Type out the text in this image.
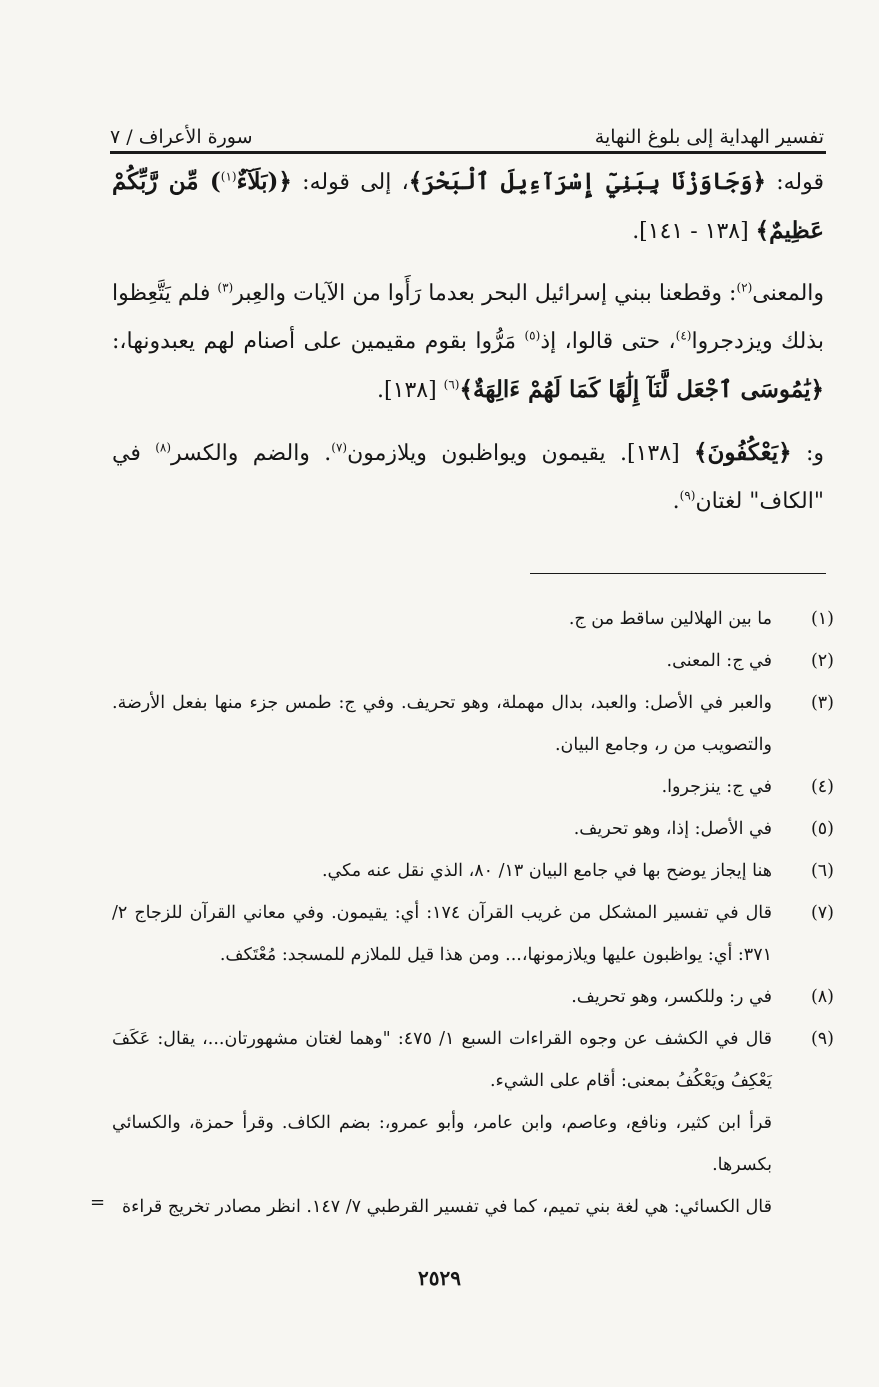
تفسير الهداية إلى بلوغ النهاية
سورة الأعراف / ٧

قوله: ﴿وَجَاوَزْنَا بِبَنِيٓ إِسْرَآءِيلَ ٱلْبَحْرَ﴾، إلى قوله: ﴿(بَلَآءٌ$^{(١)}$) مِّن رَّبِّكُمْ عَظِيمٌ﴾ [١٣٨ - ١٤١].

والمعنى$^{(٢)}$: وقطعنا ببني إسرائيل البحر بعدما رَأَوا من الآيات والعِبر$^{(٣)}$ فلم يَتَّعِظوا بذلك ويزدجروا$^{(٤)}$، حتى قالوا، إذ$^{(٥)}$ مَرُّوا بقوم مقيمين على أصنام لهم يعبدونها،: ﴿يَٰمُوسَى ٱجْعَل لَّنَآ إِلَٰهًا كَمَا لَهُمْ ءَالِهَةٌ﴾$^{(٦)}$ [١٣٨].

و: ﴿يَعْكُفُونَ﴾ [١٣٨]. يقيمون ويواظبون ويلازمون$^{(٧)}$. والضم والكسر$^{(٨)}$ في "الكاف" لغتان$^{(٩)}$.

(١)
ما بين الهلالين ساقط من ج.
(٢)
في ج: المعنى.
(٣)
والعبر في الأصل: والعبد، بدال مهملة، وهو تحريف. وفي ج: طمس جزء منها بفعل الأرضة. والتصويب من ر، وجامع البيان.
(٤)
في ج: ينزجروا.
(٥)
في الأصل: إذا، وهو تحريف.
(٦)
هنا إيجاز يوضح بها في جامع البيان ١٣/ ٨٠، الذي نقل عنه مكي.
(٧)
قال في تفسير المشكل من غريب القرآن ١٧٤: أي: يقيمون. وفي معاني القرآن للزجاج ٢/ ٣٧١: أي: يواظبون عليها ويلازمونها،... ومن هذا قيل للملازم للمسجد: مُعْتَكف.
(٨)
في ر: وللكسر، وهو تحريف.
(٩)
قال في الكشف عن وجوه القراءات السبع ١/ ٤٧٥: "وهما لغتان مشهورتان...، يقال: عَكَفَ يَعْكِفُ ويَعْكُفُ بمعنى: أقام على الشيء.
قرأ ابن كثير، ونافع، وعاصم، وابن عامر، وأبو عمرو،: بضم الكاف. وقرأ حمزة، والكسائي بكسرها.
قال الكسائي: هي لغة بني تميم، كما في تفسير القرطبي ٧/ ١٤٧. انظر مصادر تخريج قراءة
=
٢٥٢٩
